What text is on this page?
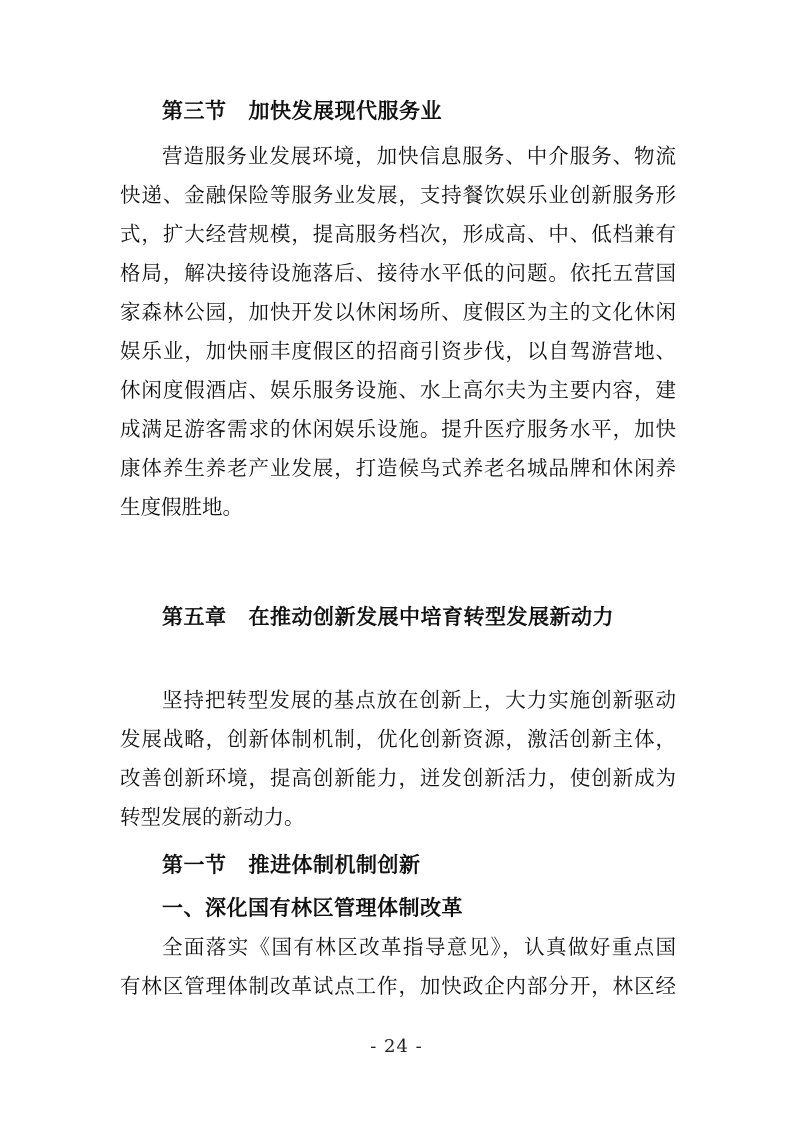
第三节 加快发展现代服务业
营造服务业发展环境，加快信息服务、中介服务、物流
快递、金融保险等服务业发展，支持餐饮娱乐业创新服务形
式，扩大经营规模，提高服务档次，形成高、中、低档兼有
格局，解决接待设施落后、接待水平低的问题。依托五营国
家森林公园，加快开发以休闲场所、度假区为主的文化休闲
娱乐业，加快丽丰度假区的招商引资步伐，以自驾游营地、
休闲度假酒店、娱乐服务设施、水上高尔夫为主要内容，建
成满足游客需求的休闲娱乐设施。提升医疗服务水平，加快
康体养生养老产业发展，打造候鸟式养老名城品牌和休闲养
生度假胜地。
第五章 在推动创新发展中培育转型发展新动力
坚持把转型发展的基点放在创新上，大力实施创新驱动
发展战略，创新体制机制，优化创新资源，激活创新主体，
改善创新环境，提高创新能力，迸发创新活力，使创新成为
转型发展的新动力。
第一节 推进体制机制创新
一、深化国有林区管理体制改革
全面落实《国有林区改革指导意见》，认真做好重点国
有林区管理体制改革试点工作，加快政企内部分开，林区经
- 24 -
